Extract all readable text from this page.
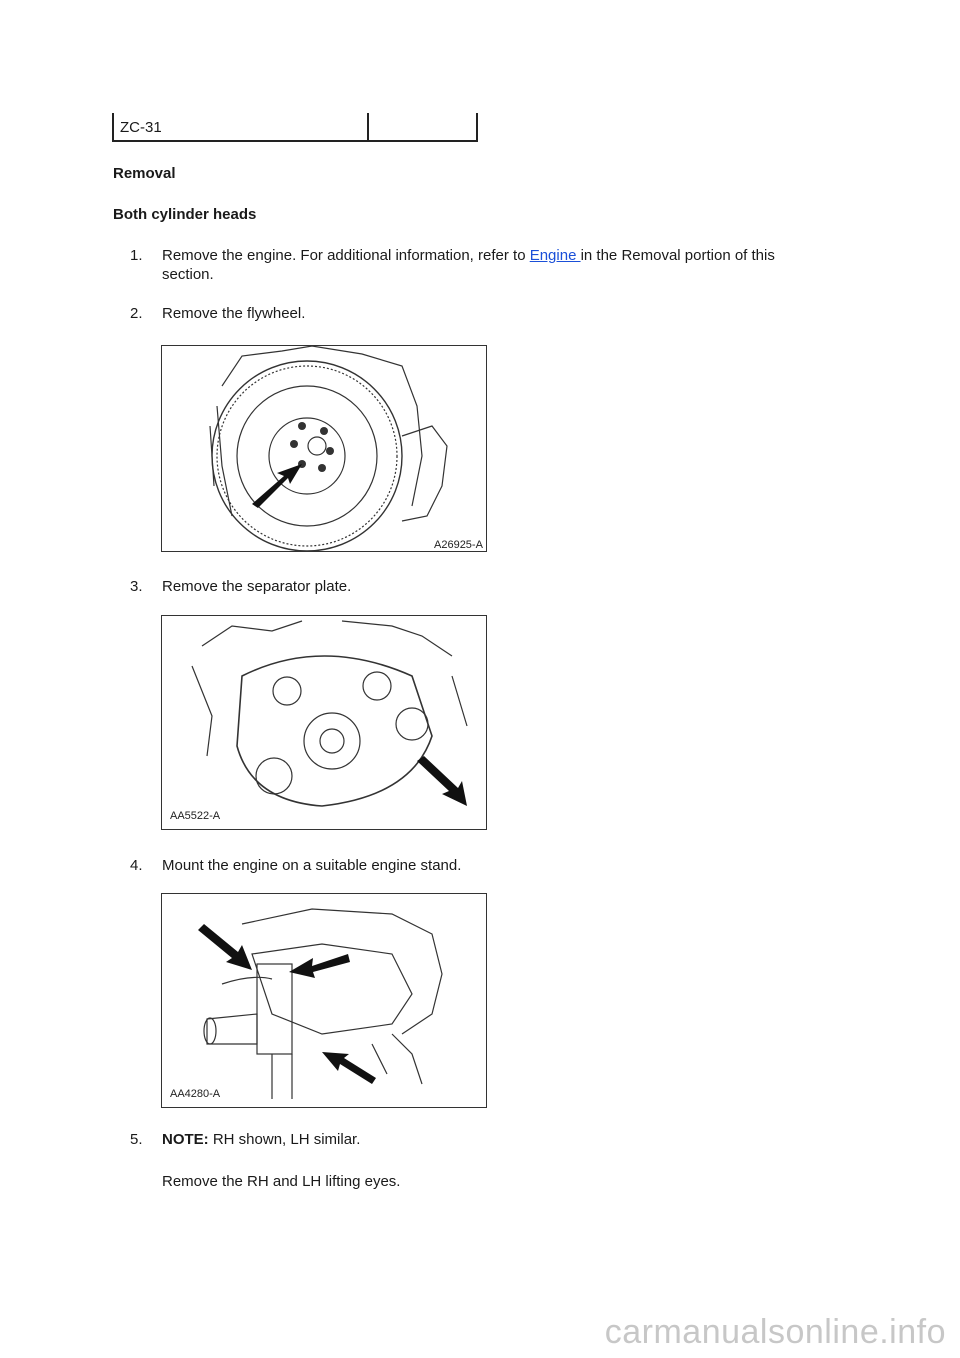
ZC-31
Removal
Both cylinder heads
1.	Remove the engine. For additional information, refer to Engine in the Removal portion of this
section.
2.	Remove the flywheel.
A26925-A
3.	Remove the separator plate.
AA5522-A
4.	Mount the engine on a suitable engine stand.
AA4280-A
5.	NOTE: RH shown, LH similar.
Remove the RH and LH lifting eyes.
carmanualsonline.info
